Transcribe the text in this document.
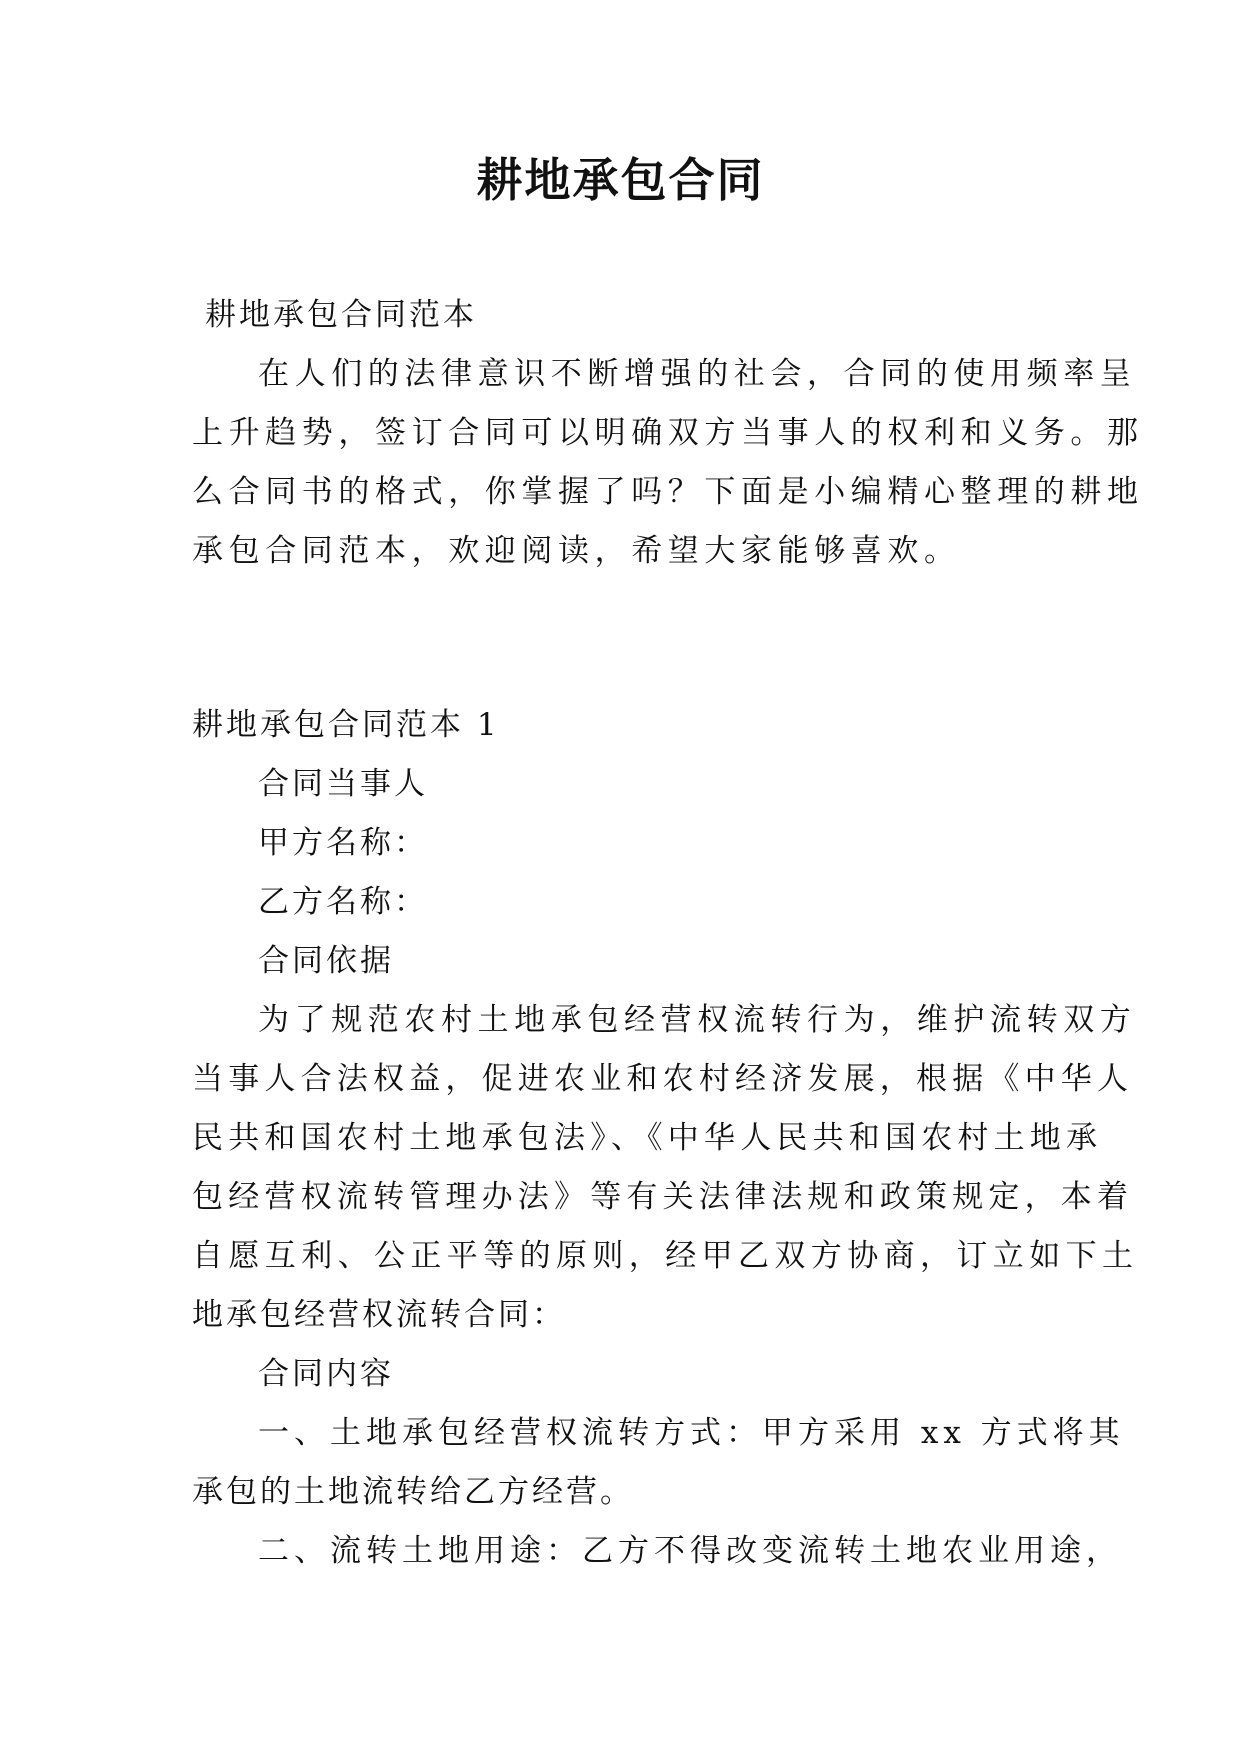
耕地承包合同
耕地承包合同范本
在人们的法律意识不断增强的社会，合同的使用频率呈
上升趋势，签订合同可以明确双方当事人的权利和义务。那
么合同书的格式，你掌握了吗？下面是小编精心整理的耕地
承包合同范本，欢迎阅读，希望大家能够喜欢。
耕地承包合同范本 1
合同当事人
甲方名称：
乙方名称：
合同依据
为了规范农村土地承包经营权流转行为，维护流转双方
当事人合法权益，促进农业和农村经济发展，根据《中华人
民共和国农村土地承包法》、《中华人民共和国农村土地承
包经营权流转管理办法》等有关法律法规和政策规定，本着
自愿互利、公正平等的原则，经甲乙双方协商，订立如下土
地承包经营权流转合同：
合同内容
一、土地承包经营权流转方式：甲方采用 xx 方式将其
承包的土地流转给乙方经营。
二、流转土地用途：乙方不得改变流转土地农业用途，
